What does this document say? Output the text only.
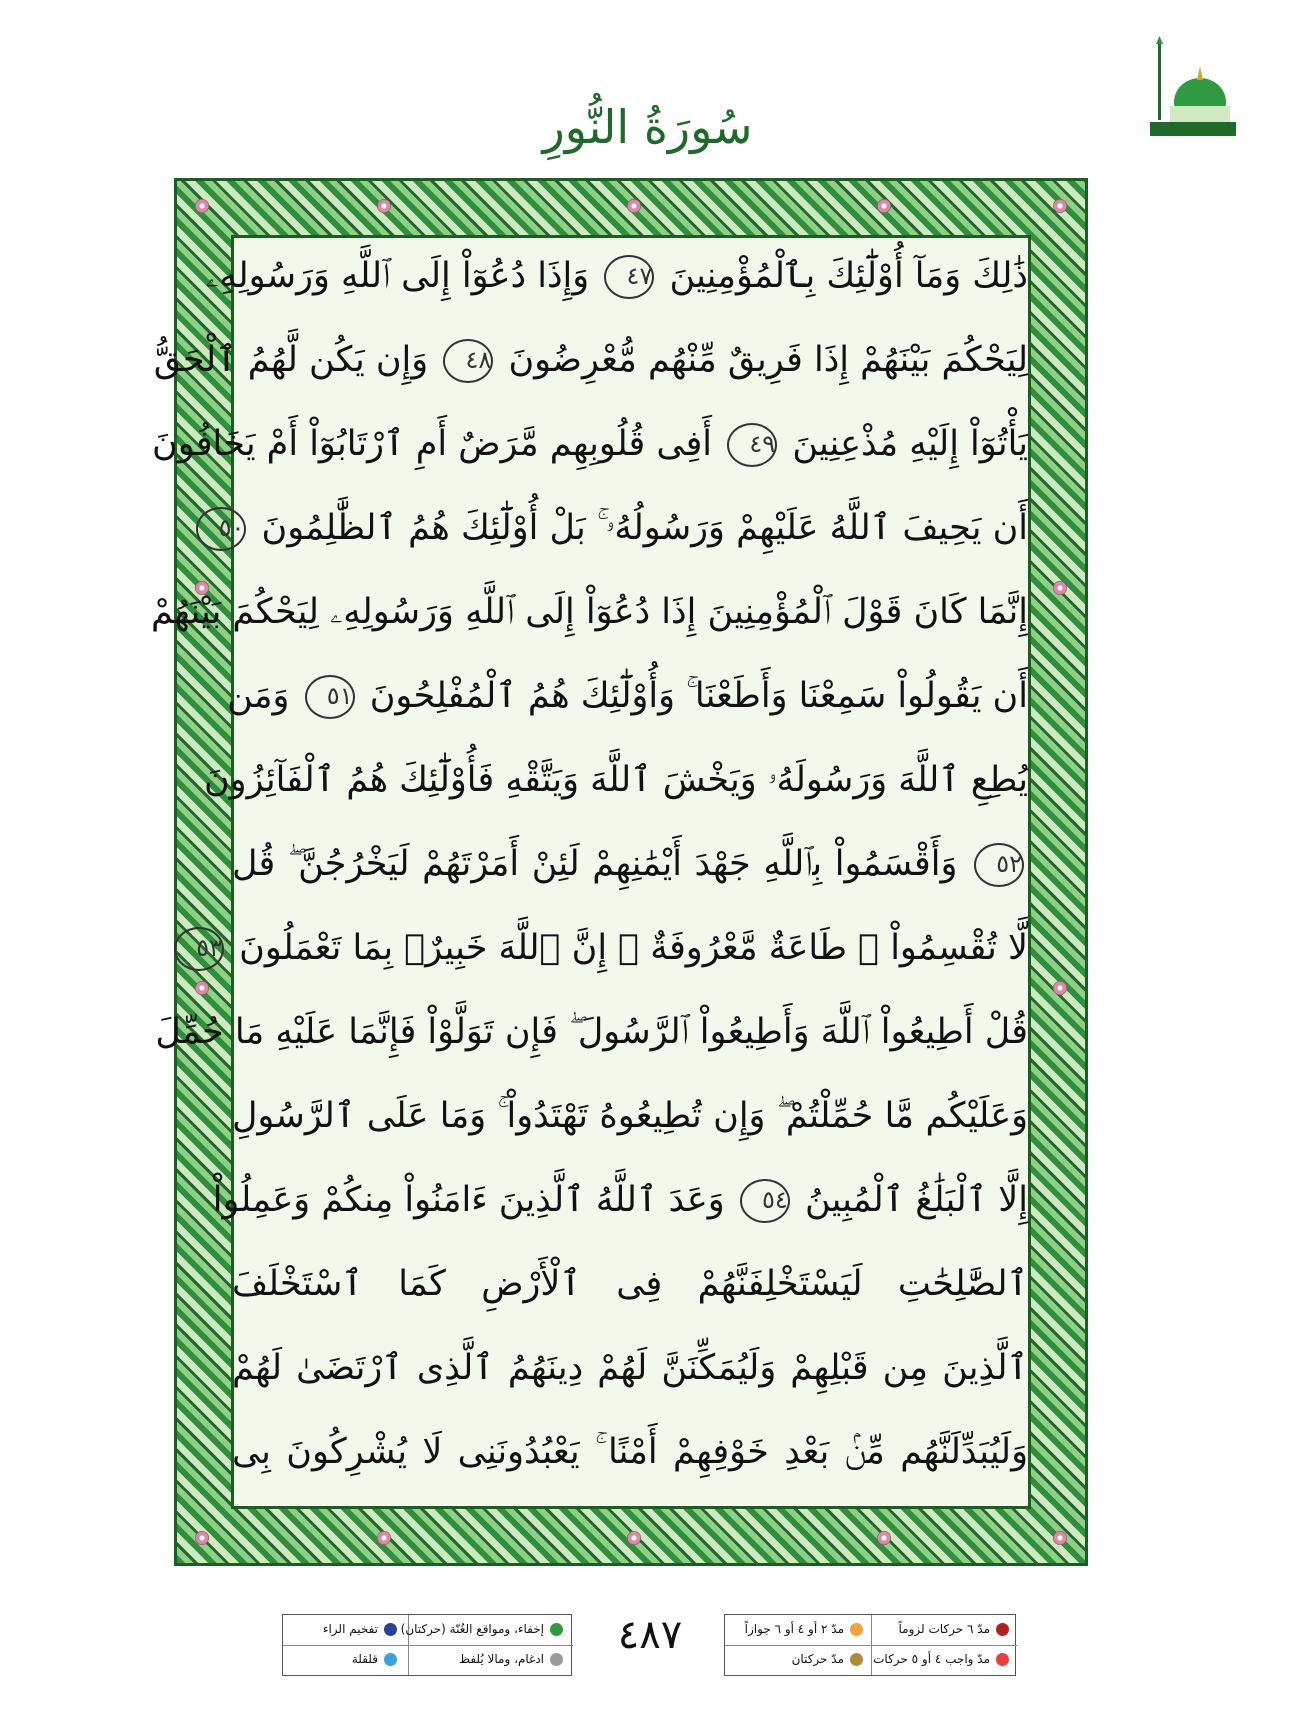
سُورَةُ النُّورِ
ذَٰلِكَ وَمَآ أُوْلَٰٓئِكَ بِٱلْمُؤْمِنِينَ ٤٧ وَإِذَا دُعُوٓاْ إِلَى ٱللَّهِ وَرَسُولِهِۦ
لِيَحْكُمَ بَيْنَهُمْ إِذَا فَرِيقٌ مِّنْهُم مُّعْرِضُونَ ٤٨ وَإِن يَكُن لَّهُمُ ٱلْحَقُّ
يَأْتُوٓاْ إِلَيْهِ مُذْعِنِينَ ٤٩ أَفِى قُلُوبِهِم مَّرَضٌ أَمِ ٱرْتَابُوٓاْ أَمْ يَخَافُونَ
أَن يَحِيفَ ٱللَّهُ عَلَيْهِمْ وَرَسُولُهُۥ ۚ بَلْ أُوْلَٰٓئِكَ هُمُ ٱلظَّٰلِمُونَ ٥٠
إِنَّمَا كَانَ قَوْلَ ٱلْمُؤْمِنِينَ إِذَا دُعُوٓاْ إِلَى ٱللَّهِ وَرَسُولِهِۦ لِيَحْكُمَ بَيْنَهُمْ
أَن يَقُولُواْ سَمِعْنَا وَأَطَعْنَا ۚ وَأُوْلَٰٓئِكَ هُمُ ٱلْمُفْلِحُونَ ٥١ وَمَن
يُطِعِ ٱللَّهَ وَرَسُولَهُۥ وَيَخْشَ ٱللَّهَ وَيَتَّقْهِ فَأُوْلَٰٓئِكَ هُمُ ٱلْفَآئِزُونَ
٥٢ وَأَقْسَمُواْ بِٱللَّهِ جَهْدَ أَيْمَٰنِهِمْ لَئِنْ أَمَرْتَهُمْ لَيَخْرُجُنَّ ۖ قُل
لَّا تُقْسِمُواْ ۖ طَاعَةٌ مَّعْرُوفَةٌ ۚ إِنَّ ٱللَّهَ خَبِيرٌۢ بِمَا تَعْمَلُونَ ٥٣
قُلْ أَطِيعُواْ ٱللَّهَ وَأَطِيعُواْ ٱلرَّسُولَ ۖ فَإِن تَوَلَّوْاْ فَإِنَّمَا عَلَيْهِ مَا حُمِّلَ
وَعَلَيْكُم مَّا حُمِّلْتُمْ ۖ وَإِن تُطِيعُوهُ تَهْتَدُواْ ۚ وَمَا عَلَى ٱلرَّسُولِ
إِلَّا ٱلْبَلَٰغُ ٱلْمُبِينُ ٥٤ وَعَدَ ٱللَّهُ ٱلَّذِينَ ءَامَنُواْ مِنكُمْ وَعَمِلُواْ
ٱلصَّٰلِحَٰتِ لَيَسْتَخْلِفَنَّهُمْ فِى ٱلْأَرْضِ كَمَا ٱسْتَخْلَفَ
ٱلَّذِينَ مِن قَبْلِهِمْ وَلَيُمَكِّنَنَّ لَهُمْ دِينَهُمُ ٱلَّذِى ٱرْتَضَىٰ لَهُمْ
وَلَيُبَدِّلَنَّهُم مِّنۢ بَعْدِ خَوْفِهِمْ أَمْنًا ۚ يَعْبُدُونَنِى لَا يُشْرِكُونَ بِى
إخفاء، ومواقع الغُنّة (حركتان)
ادغام، ومالا يُلفظ
تفخيم الراء
قلقلة
٤٨٧	مدّ ٦ حركات لزوماً
مدّ واجب ٤ أو ٥ حركات
مدّ ٢ أو ٤ أو ٦ جوازاً
مدّ حركتان
